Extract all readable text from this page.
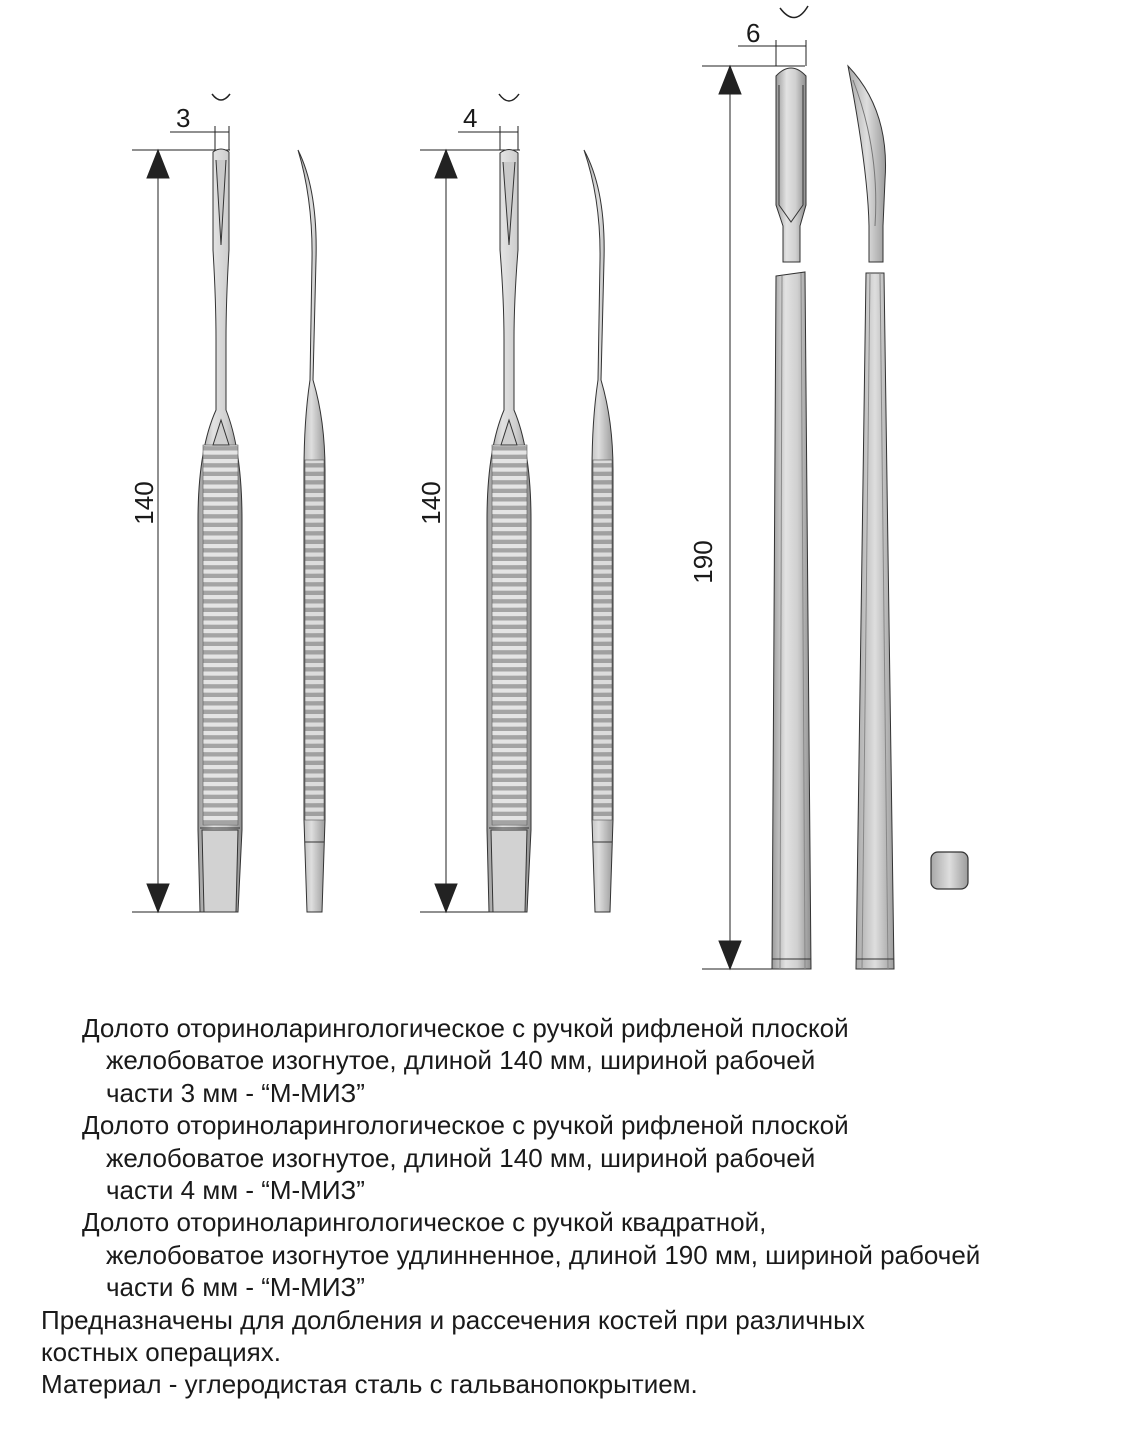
140
3
140
4
190
6
Долото оториноларингологическое с ручкой рифленой плоской
желобоватое изогнутое, длиной 140 мм, шириной рабочей
части 3 мм - “М-МИЗ”
Долото оториноларингологическое с ручкой рифленой плоской
желобоватое изогнутое, длиной 140 мм, шириной рабочей
части 4 мм - “М-МИЗ”
Долото оториноларингологическое с ручкой квадратной,
желобоватое изогнутое удлинненное, длиной 190 мм, шириной рабочей
части 6 мм - “М-МИЗ”
Предназначены для долбления и рассечения костей при различных
костных операциях.
Материал - углеродистая сталь с гальванопокрытием.
